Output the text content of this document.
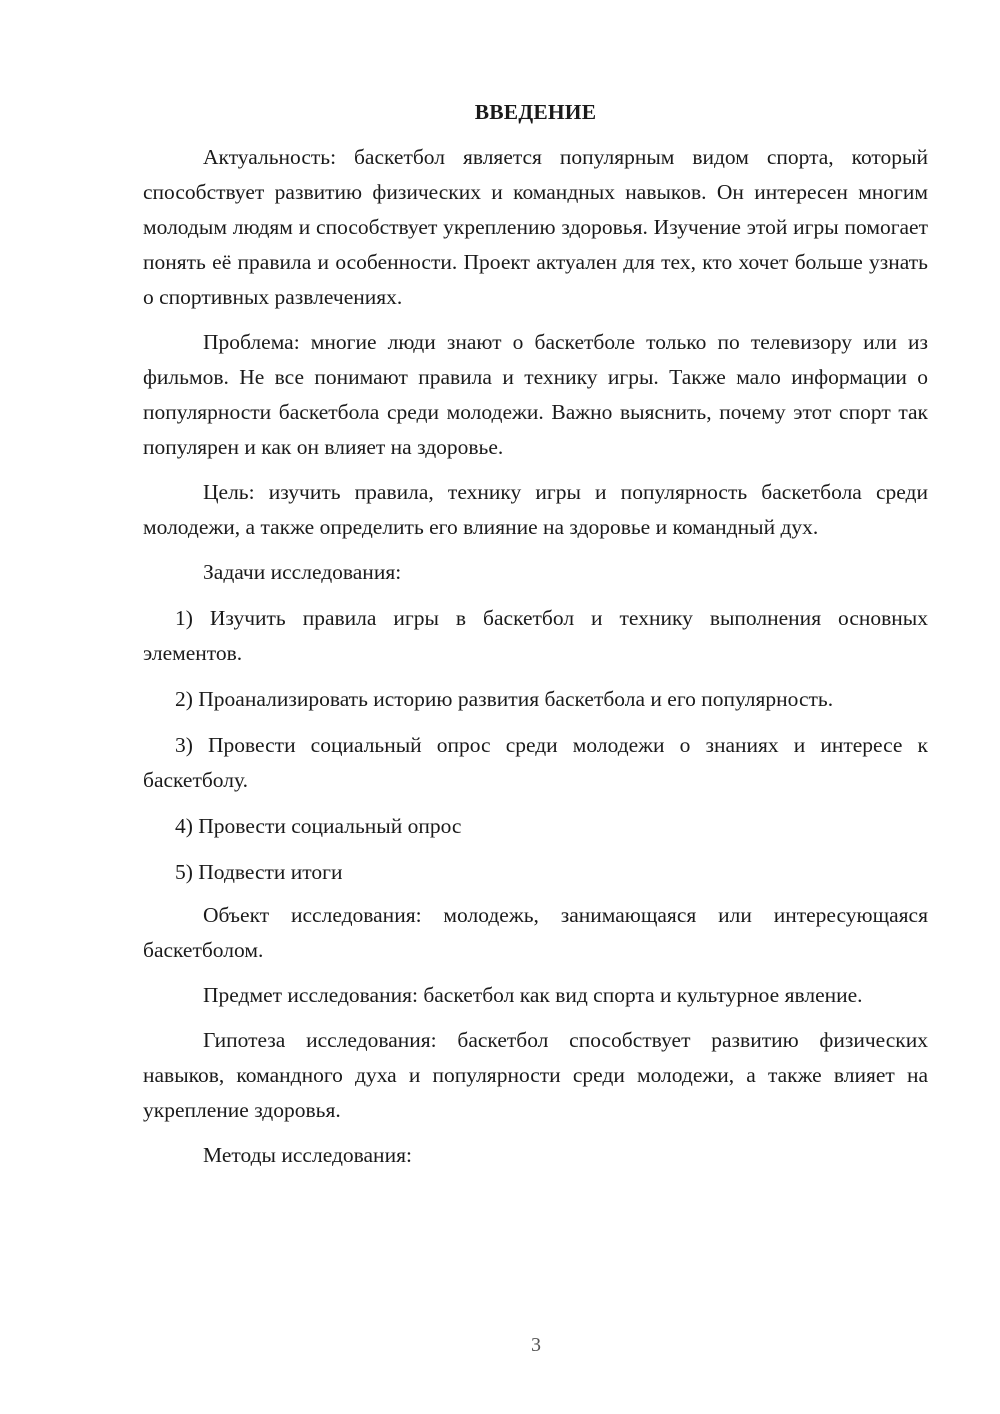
ВВЕДЕНИЕ

Актуальность: баскетбол является популярным видом спорта, который способствует развитию физических и командных навыков. Он интересен многим молодым людям и способствует укреплению здоровья. Изучение этой игры помогает понять её правила и особенности. Проект актуален для тех, кто хочет больше узнать о спортивных развлечениях.

Проблема: многие люди знают о баскетболе только по телевизору или из фильмов. Не все понимают правила и технику игры. Также мало информации о популярности баскетбола среди молодежи. Важно выяснить, почему этот спорт так популярен и как он влияет на здоровье.

Цель: изучить правила, технику игры и популярность баскетбола среди молодежи, а также определить его влияние на здоровье и командный дух.

Задачи исследования:

1) Изучить правила игры в баскетбол и технику выполнения основных элементов.

2) Проанализировать историю развития баскетбола и его популярность.

3) Провести социальный опрос среди молодежи о знаниях и интересе к баскетболу.

4) Провести социальный опрос

5) Подвести итоги

Объект исследования: молодежь, занимающаяся или интересующаяся баскетболом.

Предмет исследования: баскетбол как вид спорта и культурное явление.

Гипотеза исследования: баскетбол способствует развитию физических навыков, командного духа и популярности среди молодежи, а также влияет на укрепление здоровья.

Методы исследования:

3
